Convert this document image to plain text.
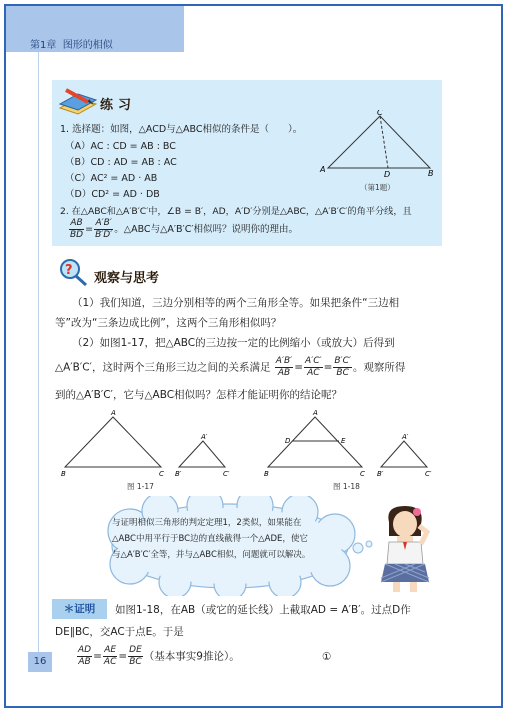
第1章 图形的相似
练习
1. 选择题：如图，△ACD与△ABC相似的条件是（　　）。
（A）AC : CD = AB : BC
（B）CD : AD = AB : AC
（C）AC² = AD · AB
（D）CD² = AD · DB
2. 在△ABC和△A′B′C′中，∠B = B′，AD，A′D′分别是△ABC，△A′B′C′的角平分线，且
$\frac{AB}{BD} = \frac{A'B'}{B'D'}$ 。△ABC与△A′B′C′相似吗？说明你的理由。
C
A	B
D
（第1题）
?
观察与思考
（1）我们知道，三边分别相等的两个三角形全等。如果把条件“三边相
等”改为“三条边成比例”，这两个三角形相似吗？
（2）如图1-17，把△ABC的三边按一定的比例缩小（或放大）后得到
△A′B′C′，这时两个三角形三边之间的关系满足 $\frac{A'B'}{AB} = \frac{A'C'}{AC} = \frac{B'C'}{BC}$ 。观察所得
到的△A′B′C′，它与△ABC相似吗？怎样才能证明你的结论呢？
A
B	C
A′
B′	C′
A
D	E
B	C
A′
B′	C′
图 1-17	图 1-18
与证明相似三角形的判定定理1，2类似，如果能在△ABC中用平行于BC边的直线截得一个△ADE，使它与△A′B′C′全等，并与△ABC相似，问题就可以解决。
＊证明	如图1-18，在AB（或它的延长线）上截取AD = A′B′。过点D作
DE∥BC，交AC于点E。于是
$\frac{AD}{AB} = \frac{AE}{AC} = \frac{DE}{BC}$ （基本事实9推论）。	①
16
